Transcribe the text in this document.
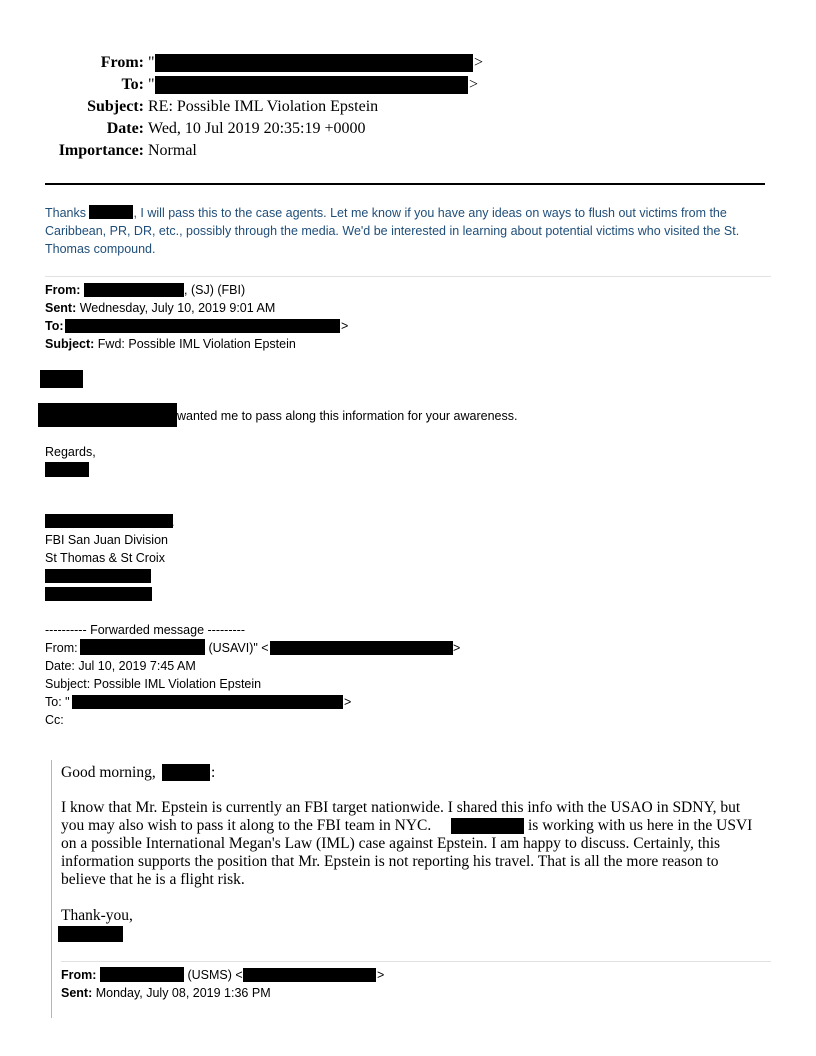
From: "	>
To: "	>
Subject: RE: Possible IML Violation Epstein
Date: Wed, 10 Jul 2019 20:35:19 +0000
Importance: Normal
Thanks	, I will pass this to the case agents. Let me know if you have any ideas on ways to flush out victims from the Caribbean, PR, DR, etc., possibly through the media. We'd be interested in learning about potential victims who visited the St. Thomas compound.
From:	, (SJ) (FBI)
Sent: Wednesday, July 10, 2019 9:01 AM
To:	>
Subject: Fwd: Possible IML Violation Epstein
wanted me to pass along this information for your awareness.
Regards,
.
FBI San Juan Division
St Thomas & St Croix
---------- Forwarded message ---------
From:	(USAVI)" <	>
Date: Jul 10, 2019 7:45 AM
Subject: Possible IML Violation Epstein
To: "	>
Cc:
Good morning,	:
I know that Mr. Epstein is currently an FBI target nationwide. I shared this info with the USAO in SDNY, but
you may also wish to pass it along to the FBI team in NYC.	is working with us here in the USVI
on a possible International Megan's Law (IML) case against Epstein. I am happy to discuss. Certainly, this
information supports the position that Mr. Epstein is not reporting his travel. That is all the more reason to
believe that he is a flight risk.
Thank-you,
From:	(USMS) <	>
Sent: Monday, July 08, 2019 1:36 PM
